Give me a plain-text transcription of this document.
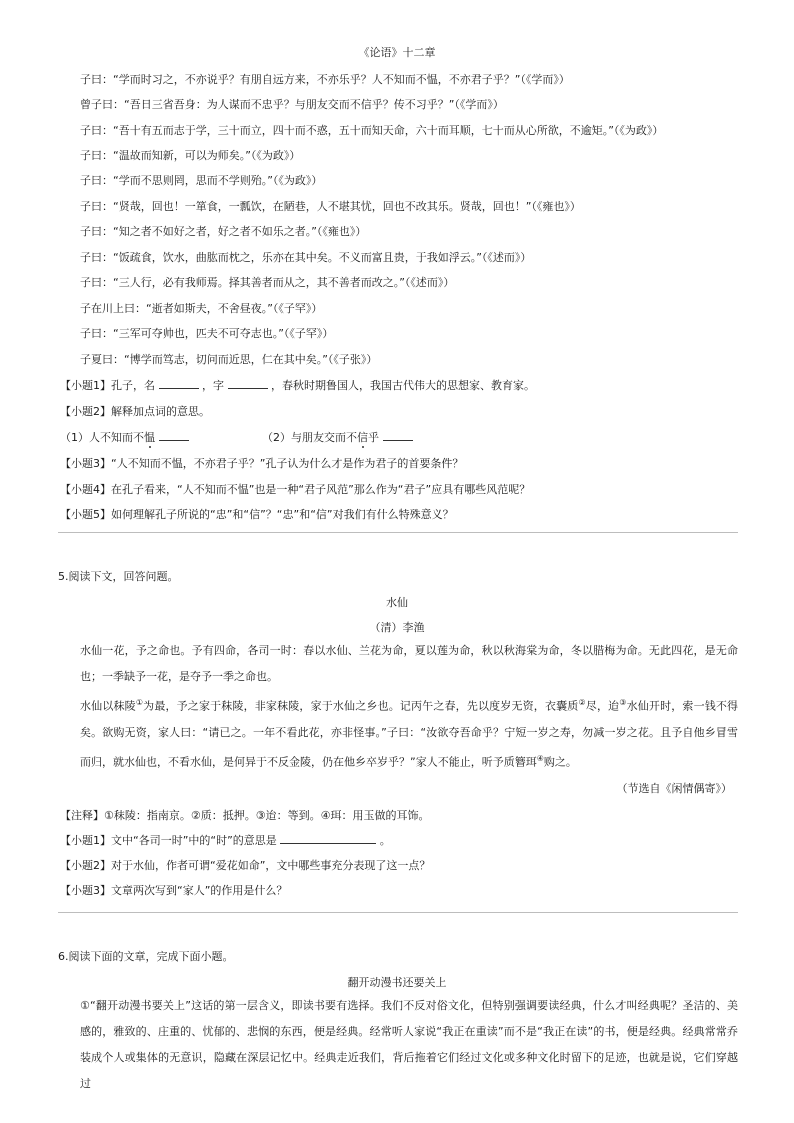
《论语》十二章
子曰：“学而时习之，不亦说乎？有朋自远方来，不亦乐乎？人不知而不愠，不亦君子乎？”（《学而》）
曾子曰：“吾日三省吾身：为人谋而不忠乎？与朋友交而不信乎？传不习乎？”（《学而》）
子曰：“吾十有五而志于学，三十而立，四十而不惑，五十而知天命，六十而耳顺，七十而从心所欲，不逾矩。”（《为政》）
子曰：“温故而知新，可以为师矣。”（《为政》）
子曰：“学而不思则罔，思而不学则殆。”（《为政》）
子曰：“贤哉，回也！一箪食，一瓢饮，在陋巷，人不堪其忧，回也不改其乐。贤哉，回也！”（《雍也》）
子曰：“知之者不如好之者，好之者不如乐之者。”（《雍也》）
子曰：“饭疏食，饮水，曲肱而枕之，乐亦在其中矣。不义而富且贵，于我如浮云。”（《述而》）
子曰：“三人行，必有我师焉。择其善者而从之，其不善者而改之。”（《述而》）
子在川上曰：“逝者如斯夫，不舍昼夜。”（《子罕》）
子曰：“三军可夺帅也，匹夫不可夺志也。”（《子罕》）
子夏曰：“博学而笃志，切问而近思，仁在其中矣。”（《子张》）
【小题1】孔子，名	，字	，春秋时期鲁国人，我国古代伟大的思想家、教育家。
【小题2】解释加点词的意思。
（1）人不知而不愠	（2）与朋友交而不信乎
【小题3】“人不知而不愠，不亦君子乎？”孔子认为什么才是作为君子的首要条件？
【小题4】在孔子看来，“人不知而不愠”也是一种“君子风范”那么作为“君子”应具有哪些风范呢？
【小题5】如何理解孔子所说的“忠”和“信”？“忠”和“信”对我们有什么特殊意义？
5.阅读下文，回答问题。
水仙
（清）李渔
水仙一花，予之命也。予有四命，各司一时：春以水仙、兰花为命，夏以莲为命，秋以秋海棠为命，冬以腊梅为命。无此四花，是无命也；一季缺予一花，是夺予一季之命也。
水仙以秣陵①为最，予之家于秣陵，非家秣陵，家于水仙之乡也。记丙午之春，先以度岁无资，衣囊质②尽，迨③水仙开时，索一钱不得矣。欲购无资，家人曰：“请已之。一年不看此花，亦非怪事。”子曰：“汝欲夺吾命乎？宁短一岁之寿，勿减一岁之花。且予自他乡冒雪而归，就水仙也，不看水仙，是何异于不反金陵，仍在他乡卒岁乎？”家人不能止，听予质簪珥④购之。
（节选自《闲情偶寄》）
【注释】①秣陵：指南京。②质：抵押。③迨：等到。④珥：用玉做的耳饰。
【小题1】文中“各司一时”中的“时”的意思是	。
【小题2】对于水仙，作者可谓“爱花如命”，文中哪些事充分表现了这一点？
【小题3】文章两次写到“家人”的作用是什么？
6.阅读下面的文章，完成下面小题。
翻开动漫书还要关上
①“翻开动漫书要关上”这话的第一层含义，即读书要有选择。我们不反对俗文化，但特别强调要读经典，什么才叫经典呢？圣洁的、美感的，雅致的、庄重的、忧郁的、悲悯的东西，便是经典。经常听人家说“我正在重读”而不是“我正在读”的书，便是经典。经典常常乔装成个人或集体的无意识，隐藏在深层记忆中。经典走近我们，背后拖着它们经过文化或多种文化时留下的足迹，也就是说，它们穿越过
